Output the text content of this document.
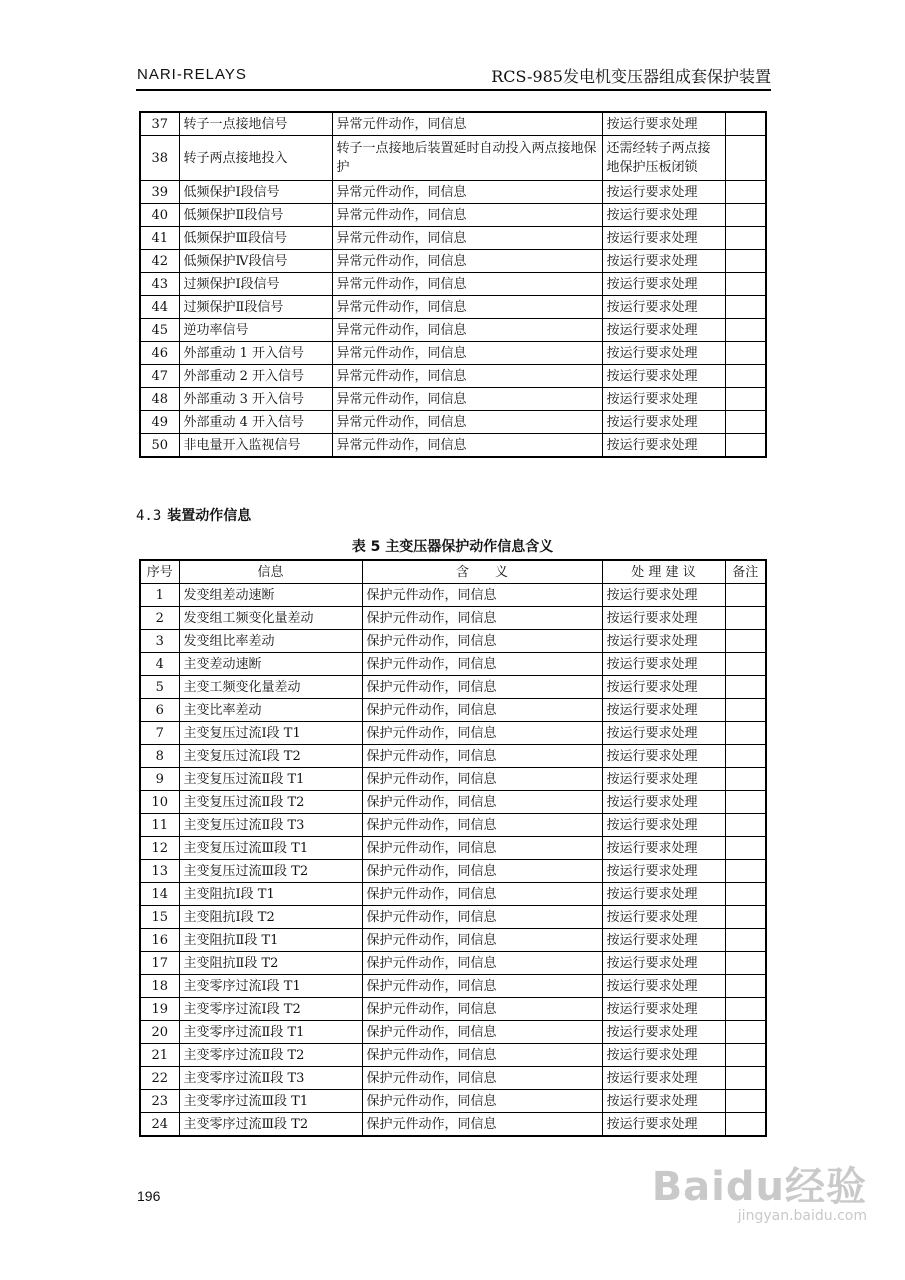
NARI-RELAYS	RCS-985发电机变压器组成套保护装置
37	转子一点接地信号	异常元件动作，同信息	按运行要求处理	
38	转子两点接地投入	转子一点接地后装置延时自动投入两点接地保护	还需经转子两点接地保护压板闭锁	
39	低频保护Ⅰ段信号	异常元件动作，同信息	按运行要求处理	
40	低频保护Ⅱ段信号	异常元件动作，同信息	按运行要求处理	
41	低频保护Ⅲ段信号	异常元件动作，同信息	按运行要求处理	
42	低频保护Ⅳ段信号	异常元件动作，同信息	按运行要求处理	
43	过频保护Ⅰ段信号	异常元件动作，同信息	按运行要求处理	
44	过频保护Ⅱ段信号	异常元件动作，同信息	按运行要求处理	
45	逆功率信号	异常元件动作，同信息	按运行要求处理	
46	外部重动 1 开入信号	异常元件动作，同信息	按运行要求处理	
47	外部重动 2 开入信号	异常元件动作，同信息	按运行要求处理	
48	外部重动 3 开入信号	异常元件动作，同信息	按运行要求处理	
49	外部重动 4 开入信号	异常元件动作，同信息	按运行要求处理	
50	非电量开入监视信号	异常元件动作，同信息	按运行要求处理	
4.3 装置动作信息
表 5 主变压器保护动作信息含义
序号	信息	含　　义	处 理 建 议	备注
1	发变组差动速断	保护元件动作，同信息	按运行要求处理	
2	发变组工频变化量差动	保护元件动作，同信息	按运行要求处理	
3	发变组比率差动	保护元件动作，同信息	按运行要求处理	
4	主变差动速断	保护元件动作，同信息	按运行要求处理	
5	主变工频变化量差动	保护元件动作，同信息	按运行要求处理	
6	主变比率差动	保护元件动作，同信息	按运行要求处理	
7	主变复压过流Ⅰ段 T1	保护元件动作，同信息	按运行要求处理	
8	主变复压过流Ⅰ段 T2	保护元件动作，同信息	按运行要求处理	
9	主变复压过流Ⅱ段 T1	保护元件动作，同信息	按运行要求处理	
10	主变复压过流Ⅱ段 T2	保护元件动作，同信息	按运行要求处理	
11	主变复压过流Ⅱ段 T3	保护元件动作，同信息	按运行要求处理	
12	主变复压过流Ⅲ段 T1	保护元件动作，同信息	按运行要求处理	
13	主变复压过流Ⅲ段 T2	保护元件动作，同信息	按运行要求处理	
14	主变阻抗Ⅰ段 T1	保护元件动作，同信息	按运行要求处理	
15	主变阻抗Ⅰ段 T2	保护元件动作，同信息	按运行要求处理	
16	主变阻抗Ⅱ段 T1	保护元件动作，同信息	按运行要求处理	
17	主变阻抗Ⅱ段 T2	保护元件动作，同信息	按运行要求处理	
18	主变零序过流Ⅰ段 T1	保护元件动作，同信息	按运行要求处理	
19	主变零序过流Ⅰ段 T2	保护元件动作，同信息	按运行要求处理	
20	主变零序过流Ⅱ段 T1	保护元件动作，同信息	按运行要求处理	
21	主变零序过流Ⅱ段 T2	保护元件动作，同信息	按运行要求处理	
22	主变零序过流Ⅱ段 T3	保护元件动作，同信息	按运行要求处理	
23	主变零序过流Ⅲ段 T1	保护元件动作，同信息	按运行要求处理	
24	主变零序过流Ⅲ段 T2	保护元件动作，同信息	按运行要求处理	
196	Baidu经验
jingyan.baidu.com
